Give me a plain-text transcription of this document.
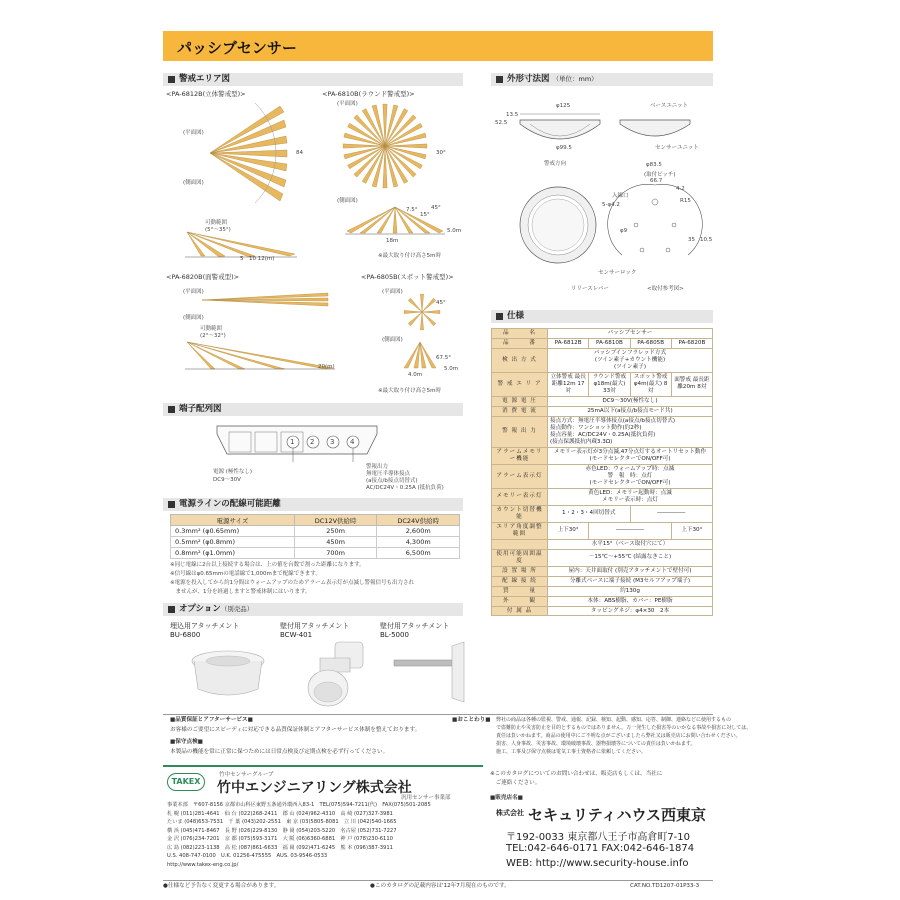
パッシブセンサー
警戒エリア図
<PA-6812B(立体警戒型)>	<PA-6810B(ラウンド警戒型)>
(平面図)
(側面図)
84
可動範囲
(5°～35°)
5　10 12(m)
(平面図)
30°
(側面図)
7.5°
15°
45°
5.0m
18m
※最大取り付け高さ5m時
<PA-6820B(面警戒型)>
(平面図)
(側面図)
可動範囲
(2°～32°)
20(m)
<PA-6805B(スポット警戒型)>
(平面図)
45°
(側面図)
67.5°
5.0m
4.0m
※最大取り付け高さ5m時
外形寸法図 （単位：mm）
φ125
52.5
13.5
φ99.5
ベースユニット
センサーユニット
警戒方向
センサーロック
リリースレバー
φ83.5
(取付ピッチ)
66.7
入線口
5-φ4.2
4.2
R15
φ9
35 10.5
<取付参考図>
仕様
品　　　名	パッシブセンサー			

品　　　番	PA-6812B	PA-6810B	PA-6805B	PA-6820B
検 出 方 式	パッシブインフラレッド方式
(ツイン素子+カウント機能)
(ツイン素子)			

警 戒 エ リ ア	立体警戒 最長距離12m 17対	ラウンド警戒 φ18m(最大) 33対	スポット警戒 φ4m(最大) 8対	面警戒 最長距離20m 8対
電 源 電 圧	DC9～30V(極性なし)			

消 費 電 流	25mA以下(a接点/b接点モード共)			

警 報 出 力	接点方式：無電圧半導体接点(a接点/b接点切替式)
接点動作：ワンショット動作(約2秒)
接点容量：AC/DC24V・0.25A(抵抗負荷)
(接点保護抵抗内蔵3.3Ω)			

アラームメモリー機能	メモリー表示灯が3分点滅,47分点灯するオートリセット動作
(モードセレクターでON/OFF可)			

アラーム表示灯	赤色LED：ウォームアップ時：点滅
警　報　時：点灯
(モードセレクターでON/OFF可)			

メモリー表示灯	黄色LED：メモリー起動時：点滅
メモリー表示時：点灯			

カウント切替機能	1・2・3・4回切替式		―――――	
エリア角度調整範囲	上下30°	―――――		上下30°

	水平15°（ベース取付穴にて）			

使用可能周囲温度	－15℃～+55℃ (結露なきこと)			

設 置 場 所	屋内：天井面取付 (別売アタッチメントで壁付可)			

配 線 接 続	分離式ベースに端子接続 (M3セルフアップ端子)			

質　　　量	約130g			

外　　　観	本体：ABS樹脂、カバー：PE樹脂			

付 属 品	タッピングネジ：φ4×30　2本			
端子配列図
1 2 3 4
電源 (極性なし)
DC9～30V
警報出力
無電圧半導体接点
(a接点/b接点切替式)
AC/DC24V・0.25A (抵抗負荷)
電源ラインの配線可能距離
電源サイズ	DC12V供給時	DC24V供給時
0.3mm² (φ0.65mm)	250m	2,600m
0.5mm² (φ0.8mm)	450m	4,300m
0.8mm² (φ1.0mm)	700m	6,500m
※同じ電線に2台以上接続する場合は、上の値を台数で割った距離になります。
※信号線はφ0.65mmの電話線で1,000mまで配線できます。
※電源を投入してから約1分間はウォームアップのためアラーム表示灯が点滅し警報信号も出力され
　ませんが、1分を経過しますと警戒体制にはいります。
オプション（別売品）
埋込用アタッチメント
BU-6800
壁付用アタッチメント
BCW-401
壁付用アタッチメント
BL-5000
■品質保証とアフターサービス■
お客様のご要望にスピーディに対応できる品質保証体制とアフターサービス体制を整えております。
■保守点検■
本製品の機能を常に正常に保つためには日常点検及び定期点検を必ず行ってください。
■おことわり■ 弊社の商品は各種の監視、警戒、通報、記録、検知、起動、感知、応答、制御、連絡などに使用するもの
で盗難防止や災害防止を目的とするものではありません。万一発生した損害等のいかなる事故や損害に対しては、
責任は負いかねます。商品の使用中にご不明な点がございましたら弊社又は販売店にお問い合わせください。
損害、人身事故、災害事故、環境破壊事故、器物損壊等についての責任は負いかねます。
施工、工事及び保守点検は電気工事士資格者に依頼してください。
TAKEX
竹中センサーグループ
竹中エンジニアリング株式会社
汎用センサー事業部
事業本部　〒607-8156 京都市山科区東野五条通外環西入83-1　TEL(075)594-7211(代)　FAX(075)501-2085
札 幌 (011)281-4641　仙 台 (022)268-2411　郡 山 (024)962-4310　高 崎 (027)327-3981
たいま (048)653-7531　千 葉 (043)202-2551　東 京 (03)5805-8081　立 川 (042)540-1665
横 浜 (045)471-8467　長 野 (026)229-8130　静 岡 (054)203-5220　名古屋 (052)731-7227
金 沢 (076)234-7201　京 都 (075)593-3171　大 阪 (06)6360-6881　神 戸 (078)230-6110
広 島 (082)223-1138　高 松 (087)861-6633　福 岡 (092)471-6245　熊 本 (096)387-3911
U.S. 408-747-0100　U.K. 01256-475555　AUS. 03-9546-0533
http://www.takex-eng.co.jp/
※このカタログについてのお問い合わせは、販売店もしくは、当社に
　ご連絡ください。
■販売店名■
株式会社 セキュリティハウス西東京
〒192-0033 東京都八王子市高倉町7-10
TEL:042-646-0171 FAX:042-646-1874
WEB: http://www.security-house.info
●仕様など予告なく変更する場合があります。	●このカタログの記載内容は'12年7月現在のものです。	CAT.NO.TD1207-01P33-3
